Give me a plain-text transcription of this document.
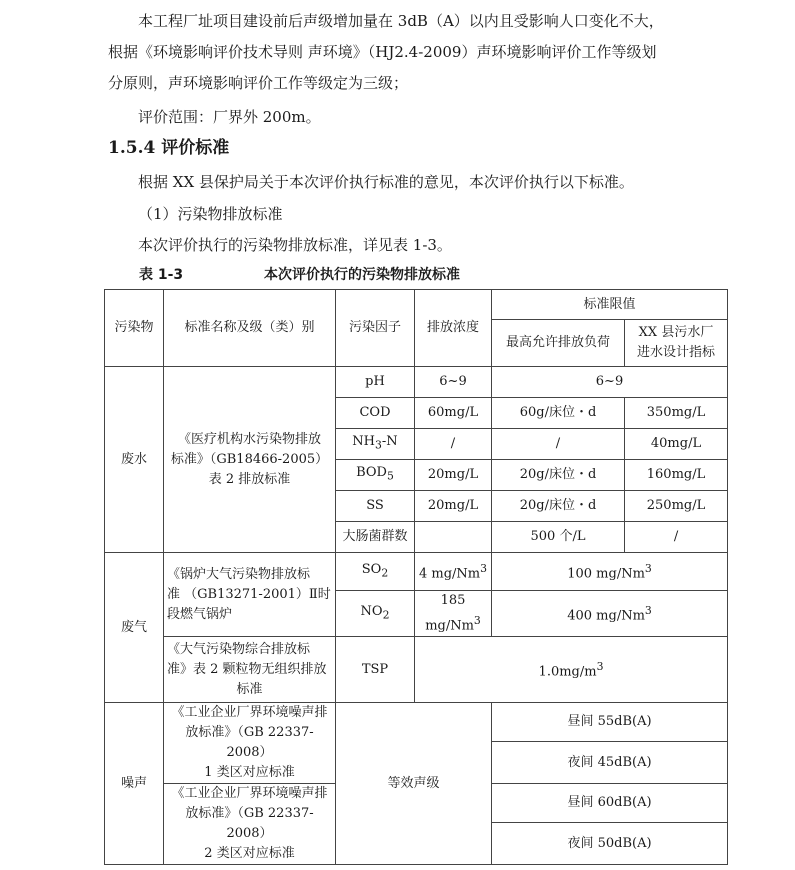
本工程厂址项目建设前后声级增加量在 3dB（A）以内且受影响人口变化不大，

根据《环境影响评价技术导则 声环境》（HJ2.4-2009）声环境影响评价工作等级划

分原则，声环境影响评价工作等级定为三级；

评价范围：厂界外 200m。

1.5.4 评价标准

根据 XX 县保护局关于本次评价执行标准的意见，本次评价执行以下标准。

（1）污染物排放标准

本次评价执行的污染物排放标准，详见表 1-3。

表 1-3	本次评价执行的污染物排放标准
污染物	标准名称及级（类）别	污染因子	排放浓度	标准限值	
				最高允许排放负荷	XX 县污水厂
进水设计指标
废水	《医疗机构水污染物排放
标准》（GB18466-2005）
表 2 排放标准	pH	6~9	6~9	
		COD	60mg/L	60g/床位・d	350mg/L
		$NH_3-N$	/	/	40mg/L
		$BOD_5$	20mg/L	20g/床位・d	160mg/L
		SS	20mg/L	20g/床位・d	250mg/L
		大肠菌群数		500 个/L	/
废气	《锅炉大气污染物排放标
准 （GB13271-2001）Ⅱ时
段燃气锅炉	$SO_2$	4 mg/Nm$^3$	100 mg/Nm$^3$
		$NO_2$	185 mg/Nm$^3$	400 mg/Nm$^3$
	《大气污染物综合排放标
准》表 2 颗粒物无组织排放
标准	TSP	$1.0mg/m^3$
噪声	《工业企业厂界环境噪声排
放标准》（GB 22337-2008）
1 类区对应标准	等效声级		昼间 55dB(A)	
				夜间 45dB(A)	
	《工业企业厂界环境噪声排
放标准》（GB 22337-2008）
2 类区对应标准			昼间 60dB(A)	
				夜间 50dB(A)	
